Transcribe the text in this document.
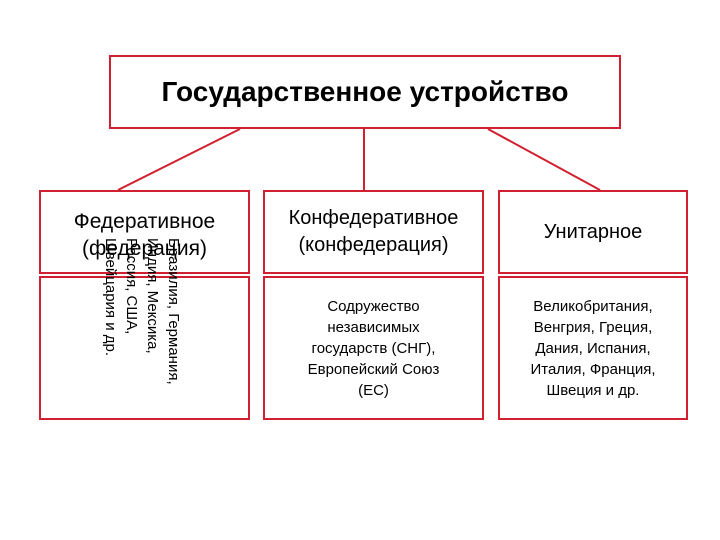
Государственное устройство
Федеративное
(федерация)
Конфедеративное
(конфедерация)
Унитарное
Бразилия, Германия,
Индия, Мексика,
Россия, США,
Швейцария и др.	Содружество
независимых
государств (СНГ),
Европейский Союз
(ЕС)
Великобритания,
Венгрия, Греция,
Дания, Испания,
Италия, Франция,
Швеция и др.
